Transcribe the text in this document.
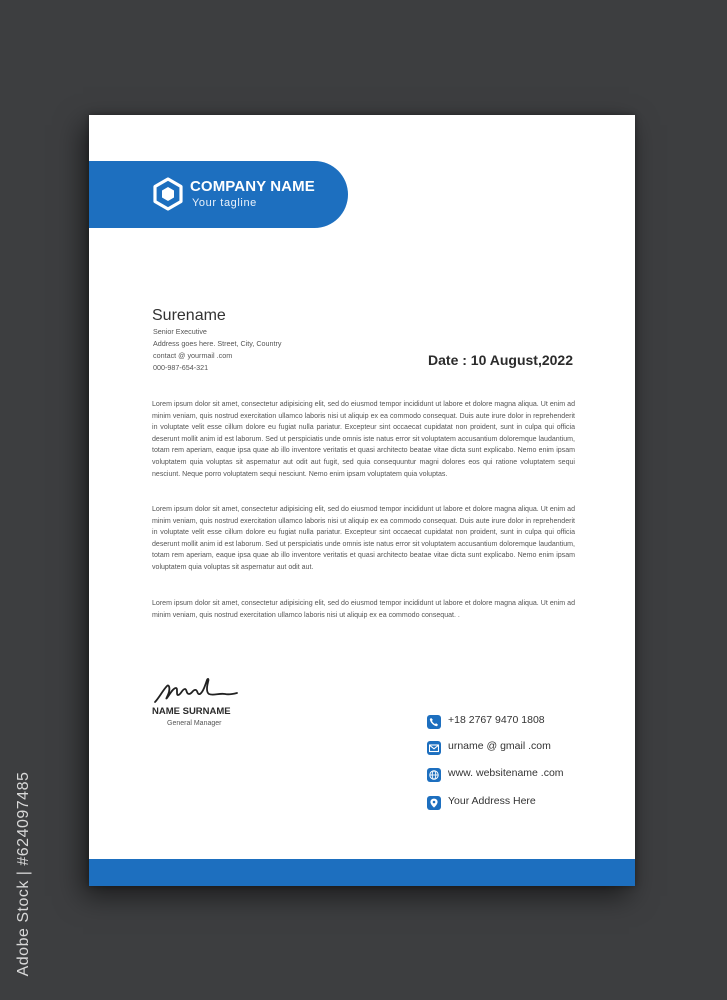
COMPANY NAME
Your tagline
Surename
Senior Executive
Address goes here. Street, City, Country
contact @ yourmail .com
000-987-654-321	Date : 10 August,2022

Lorem ipsum dolor sit amet, consectetur adipisicing elit, sed do eiusmod tempor incididunt ut labore et dolore magna aliqua. Ut enim ad minim veniam, quis nostrud exercitation ullamco laboris nisi ut aliquip ex ea commodo consequat. Duis aute irure dolor in reprehenderit in voluptate velit esse cillum dolore eu fugiat nulla pariatur. Excepteur sint occaecat cupidatat non proident, sunt in culpa qui officia deserunt mollit anim id est laborum. Sed ut perspiciatis unde omnis iste natus error sit voluptatem accusantium doloremque laudantium, totam rem aperiam, eaque ipsa quae ab illo inventore veritatis et quasi architecto beatae vitae dicta sunt explicabo. Nemo enim ipsam voluptatem quia voluptas sit aspernatur aut odit aut fugit, sed quia consequuntur magni dolores eos qui ratione voluptatem sequi nesciunt. Neque porro voluptatem sequi nesciunt. Nemo enim ipsam voluptatem quia voluptas.

Lorem ipsum dolor sit amet, consectetur adipisicing elit, sed do eiusmod tempor incididunt ut labore et dolore magna aliqua. Ut enim ad minim veniam, quis nostrud exercitation ullamco laboris nisi ut aliquip ex ea commodo consequat. Duis aute irure dolor in reprehenderit in voluptate velit esse cillum dolore eu fugiat nulla pariatur. Excepteur sint occaecat cupidatat non proident, sunt in culpa qui officia deserunt mollit anim id est laborum. Sed ut perspiciatis unde omnis iste natus error sit voluptatem accusantium doloremque laudantium, totam rem aperiam, eaque ipsa quae ab illo inventore veritatis et quasi architecto beatae vitae dicta sunt explicabo. Nemo enim ipsam voluptatem quia voluptas sit aspernatur aut odit aut.

Lorem ipsum dolor sit amet, consectetur adipisicing elit, sed do eiusmod tempor incididunt ut labore et dolore magna aliqua. Ut enim ad minim veniam, quis nostrud exercitation ullamco laboris nisi ut aliquip ex ea commodo consequat. .

NAME SURNAME
General Manager	+18 2767 9470 1808
urname @ gmail .com
www. websitename .com
Your Address Here
Adobe Stock | #624097485
